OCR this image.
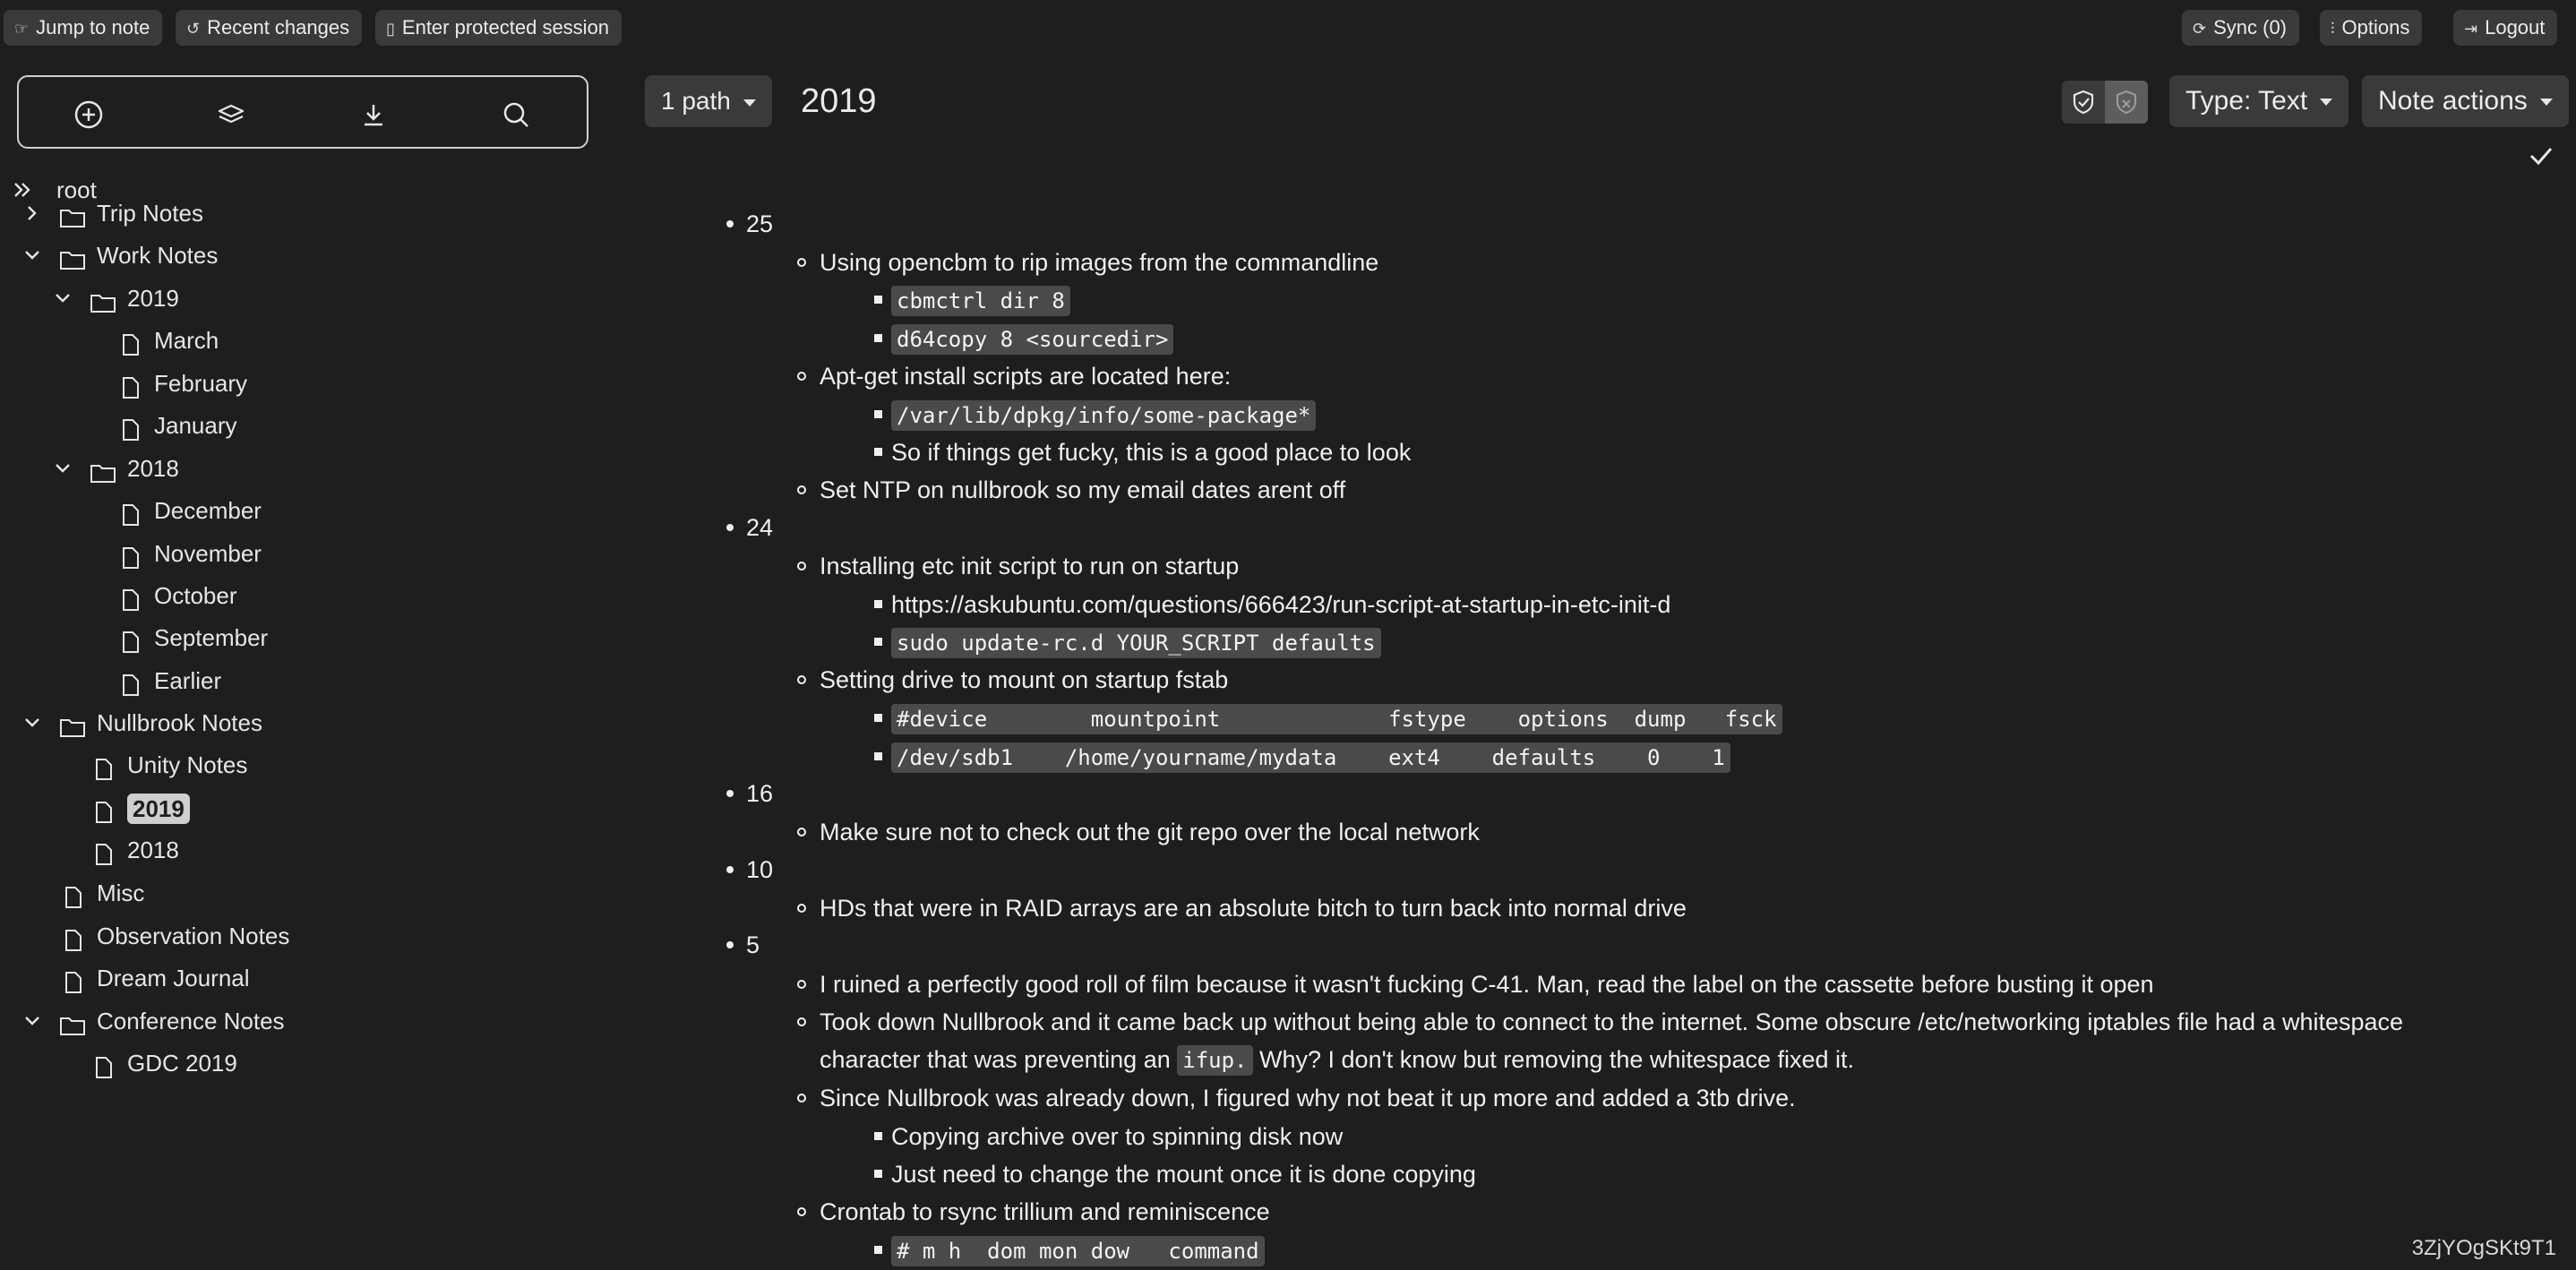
☞ Jump to note	↺ Recent changes	▯ Enter protected session	⟳ Sync (0)	⫶ Options	⇥ Logout
root
Trip Notes
Work Notes
2019
March
February
January
2018
December
November
October
September
Earlier
Nullbrook Notes
Unity Notes
2019
2018
Misc
Observation Notes
Dream Journal
Conference Notes
GDC 2019
1 path	2019	Type: Text	Note actions
25
Using opencbm to rip images from the commandline
cbmctrl dir 8
d64copy 8 <sourcedir>
Apt-get install scripts are located here:
/var/lib/dpkg/info/some-package*
So if things get fucky, this is a good place to look
Set NTP on nullbrook so my email dates arent off
24
Installing etc init script to run on startup
https://askubuntu.com/questions/666423/run-script-at-startup-in-etc-init-d
sudo update-rc.d YOUR_SCRIPT defaults
Setting drive to mount on startup fstab
#device        mountpoint             fstype    options  dump   fsck
/dev/sdb1    /home/yourname/mydata    ext4    defaults    0    1
16
Make sure not to check out the git repo over the local network
10
HDs that were in RAID arrays are an absolute bitch to turn back into normal drive
5
I ruined a perfectly good roll of film because it wasn't fucking C-41. Man, read the label on the cassette before busting it open
Took down Nullbrook and it came back up without being able to connect to the internet. Some obscure /etc/networking iptables file had a whitespace
character that was preventing an ifup. Why? I don't know but removing the whitespace fixed it.
Since Nullbrook was already down, I figured why not beat it up more and added a 3tb drive.
Copying archive over to spinning disk now
Just need to change the mount once it is done copying
Crontab to rsync trillium and reminiscence
# m h  dom mon dow   command	3ZjYOgSKt9T1
